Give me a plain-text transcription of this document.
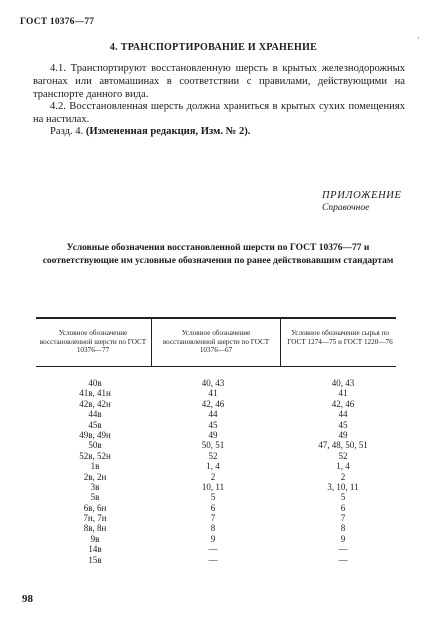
ГОСТ 10376—77
·
4. ТРАНСПОРТИРОВАНИЕ И ХРАНЕНИЕ
4.1. Транспортируют восстановленную шерсть в крытых железнодорожных вагонах или автомашинах в соответствии с правилами, действующими на транспорте данного вида.
4.2. Восстановленная шерсть должна храниться в крытых сухих помещениях на настилах.
Разд. 4. (Измененная редакция, Изм. № 2).
ПРИЛОЖЕНИЕ
Справочное
Условные обозначения восстановленной шерсти по ГОСТ 10376—77 и соответствующие им условные обозначения по ранее действовавшим стандартам
Условное обозначение восстановленной шерсти по ГОСТ 10376—77
Условное обозначение восстановленной шерсти по ГОСТ 10376—67
Условное обозначение сырья по ГОСТ 1274—75 и ГОСТ 1220—76
40в
41в, 41н
42в, 42н
44в
45в
49в, 49н
50в
52в, 52н
1в
2в, 2н
3в
5в
6в, 6н
7н, 7н
8в, 8н
9в
14в
15в
40, 43
41
42, 46
44
45
49
50, 51
52
1, 4
2
10, 11
5
6
7
8
9
—
—
40, 43
41
42, 46
44
45
49
47, 48, 50, 51
52
1, 4
2
3, 10, 11
5
6
7
8
9
—
—
98
